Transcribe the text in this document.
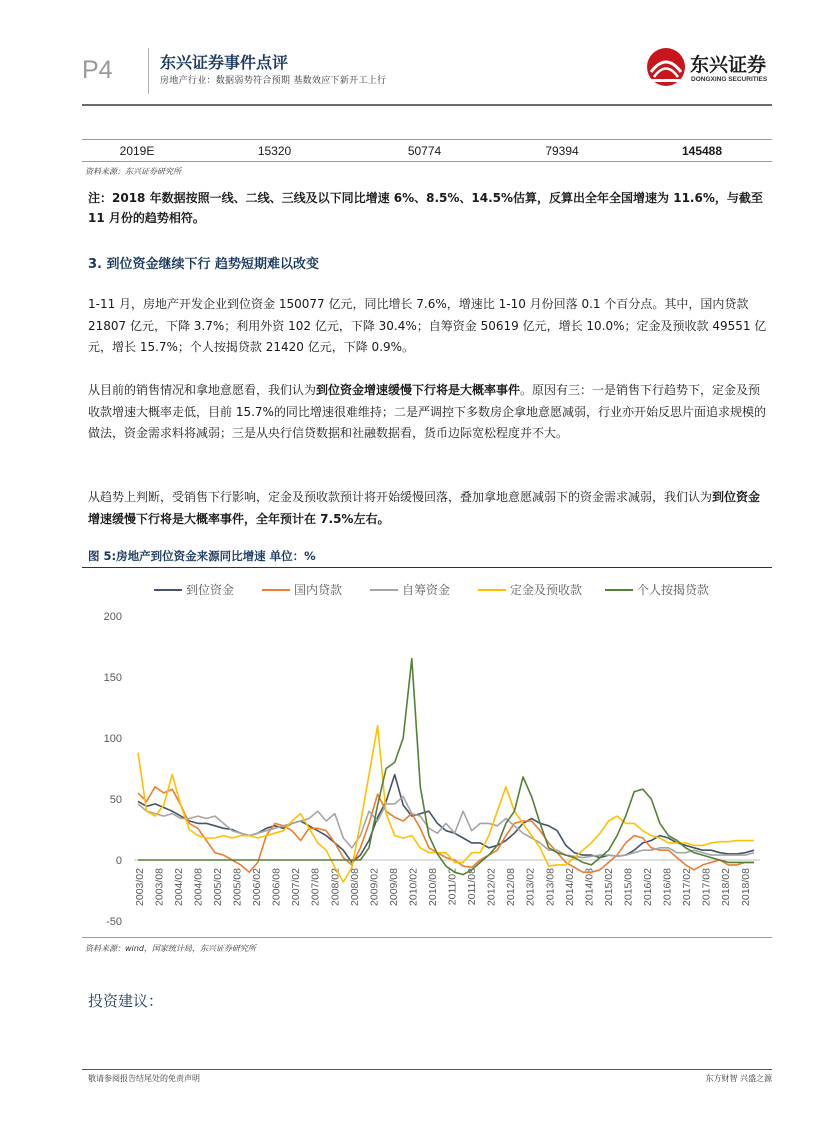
P4	东兴证券事件点评
房地产行业：数据弱势符合预期 基数效应下新开工上行
东兴证券
DONGXING SECURITIES
2019E	15320	50774	79394	145488
资料来源：东兴证券研究所
注：2018 年数据按照一线、二线、三线及以下同比增速 6%、8.5%、14.5%估算，反算出全年全国增速为 11.6%，与截至 11 月份的趋势相符。
3. 到位资金继续下行 趋势短期难以改变
1-11 月，房地产开发企业到位资金 150077 亿元，同比增长 7.6%，增速比 1-10 月份回落 0.1 个百分点。其中，国内贷款 21807 亿元，下降 3.7%；利用外资 102 亿元，下降 30.4%；自筹资金 50619 亿元，增长 10.0%；定金及预收款 49551 亿元，增长 15.7%；个人按揭贷款 21420 亿元，下降 0.9%。
从目前的销售情况和拿地意愿看，我们认为到位资金增速缓慢下行将是大概率事件。原因有三：一是销售下行趋势下，定金及预收款增速大概率走低，目前 15.7%的同比增速很难维持；二是严调控下多数房企拿地意愿减弱，行业亦开始反思片面追求规模的做法，资金需求料将减弱；三是从央行信贷数据和社融数据看，货币边际宽松程度并不大。
从趋势上判断，受销售下行影响，定金及预收款预计将开始缓慢回落，叠加拿地意愿减弱下的资金需求减弱，我们认为到位资金增速缓慢下行将是大概率事件，全年预计在 7.5%左右。
图 5:房地产到位资金来源同比增速 单位：%
到位资金	国内贷款	自筹资金	定金及预收款	个人按揭贷款
-50
0
50
100
150
200
2003/02 2003/08 2004/02 2004/08 2005/02 2005/08 2006/02 2006/08 2007/02 2007/08 2008/02 2008/08 2009/02 2009/08 2010/02 2010/08 2011/02 2011/08 2012/02 2012/08 2013/02 2013/08 2014/02 2014/08 2015/02 2015/08 2016/02 2016/08 2017/02 2017/08 2018/02 2018/08
资料来源：wind，国家统计局，东兴证券研究所
投资建议：
敬请参阅报告结尾处的免责声明	东方财智 兴盛之源
